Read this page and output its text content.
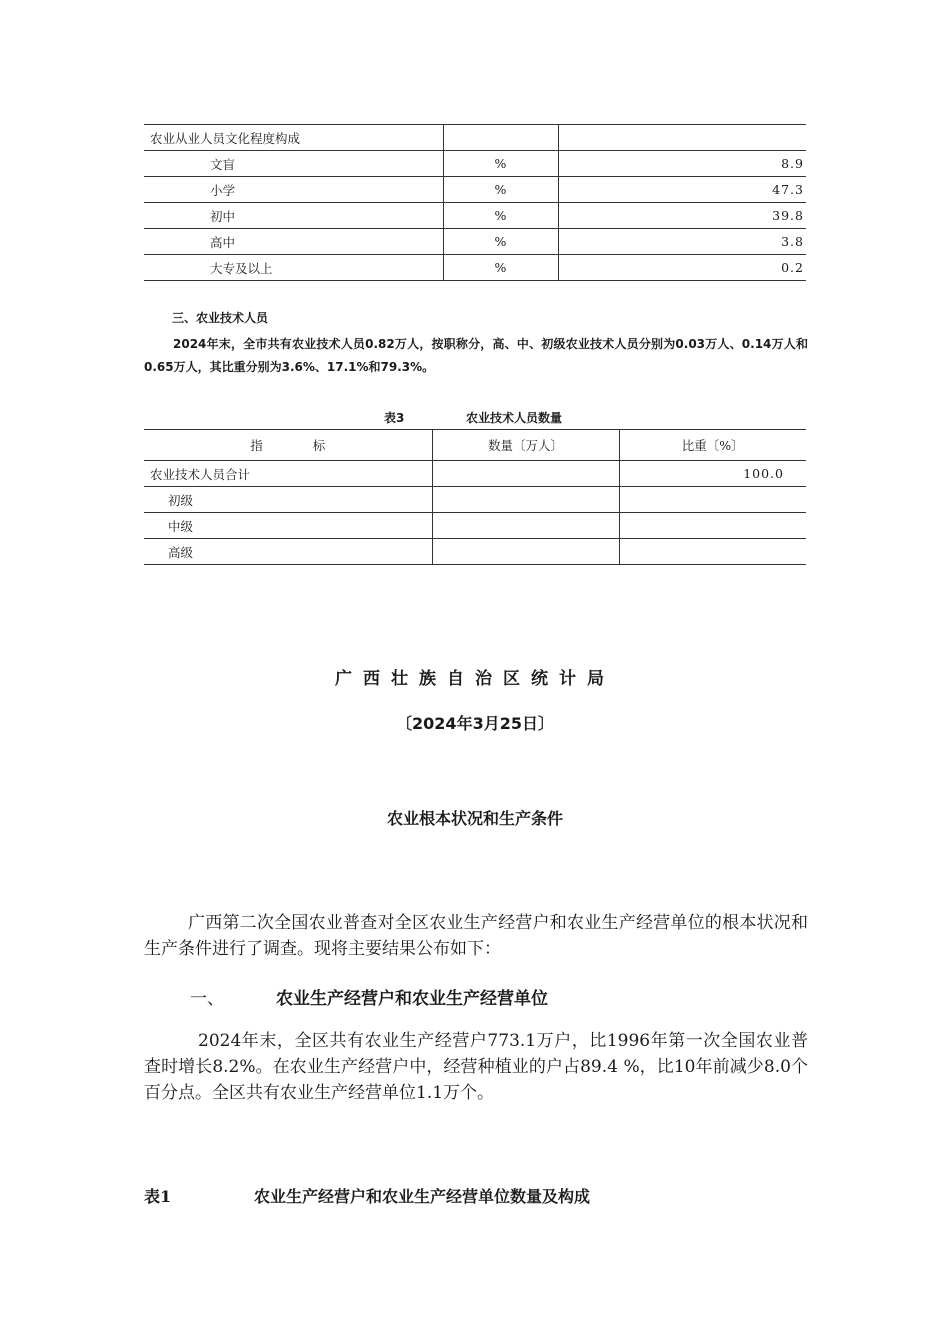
农业从业人员文化程度构成		
文盲	%	8.9
小学	%	47.3
初中	%	39.8
高中	%	3.8
大专及以上	%	0.2
三、农业技术人员
2024年末，全市共有农业技术人员0.82万人，按职称分，高、中、初级农业技术人员分别为0.03万人、0.14万人和0.65万人，其比重分别为3.6%、17.1%和79.3%。
表3	农业技术人员数量
指　　　　标	数量〔万人〕	比重〔%〕
农业技术人员合计		100.0
初级		
中级		
高级		
广西壮族自治区统计局
〔2024年3月25日〕
农业根本状况和生产条件
广西第二次全国农业普查对全区农业生产经营户和农业生产经营单位的根本状况和生产条件进行了调查。现将主要结果公布如下：
一、	农业生产经营户和农业生产经营单位
2024年末，全区共有农业生产经营户773.1万户，比1996年第一次全国农业普查时增长8.2%。在农业生产经营户中，经营种植业的户占89.4 %，比10年前减少8.0个百分点。全区共有农业生产经营单位1.1万个。
表1	农业生产经营户和农业生产经营单位数量及构成
